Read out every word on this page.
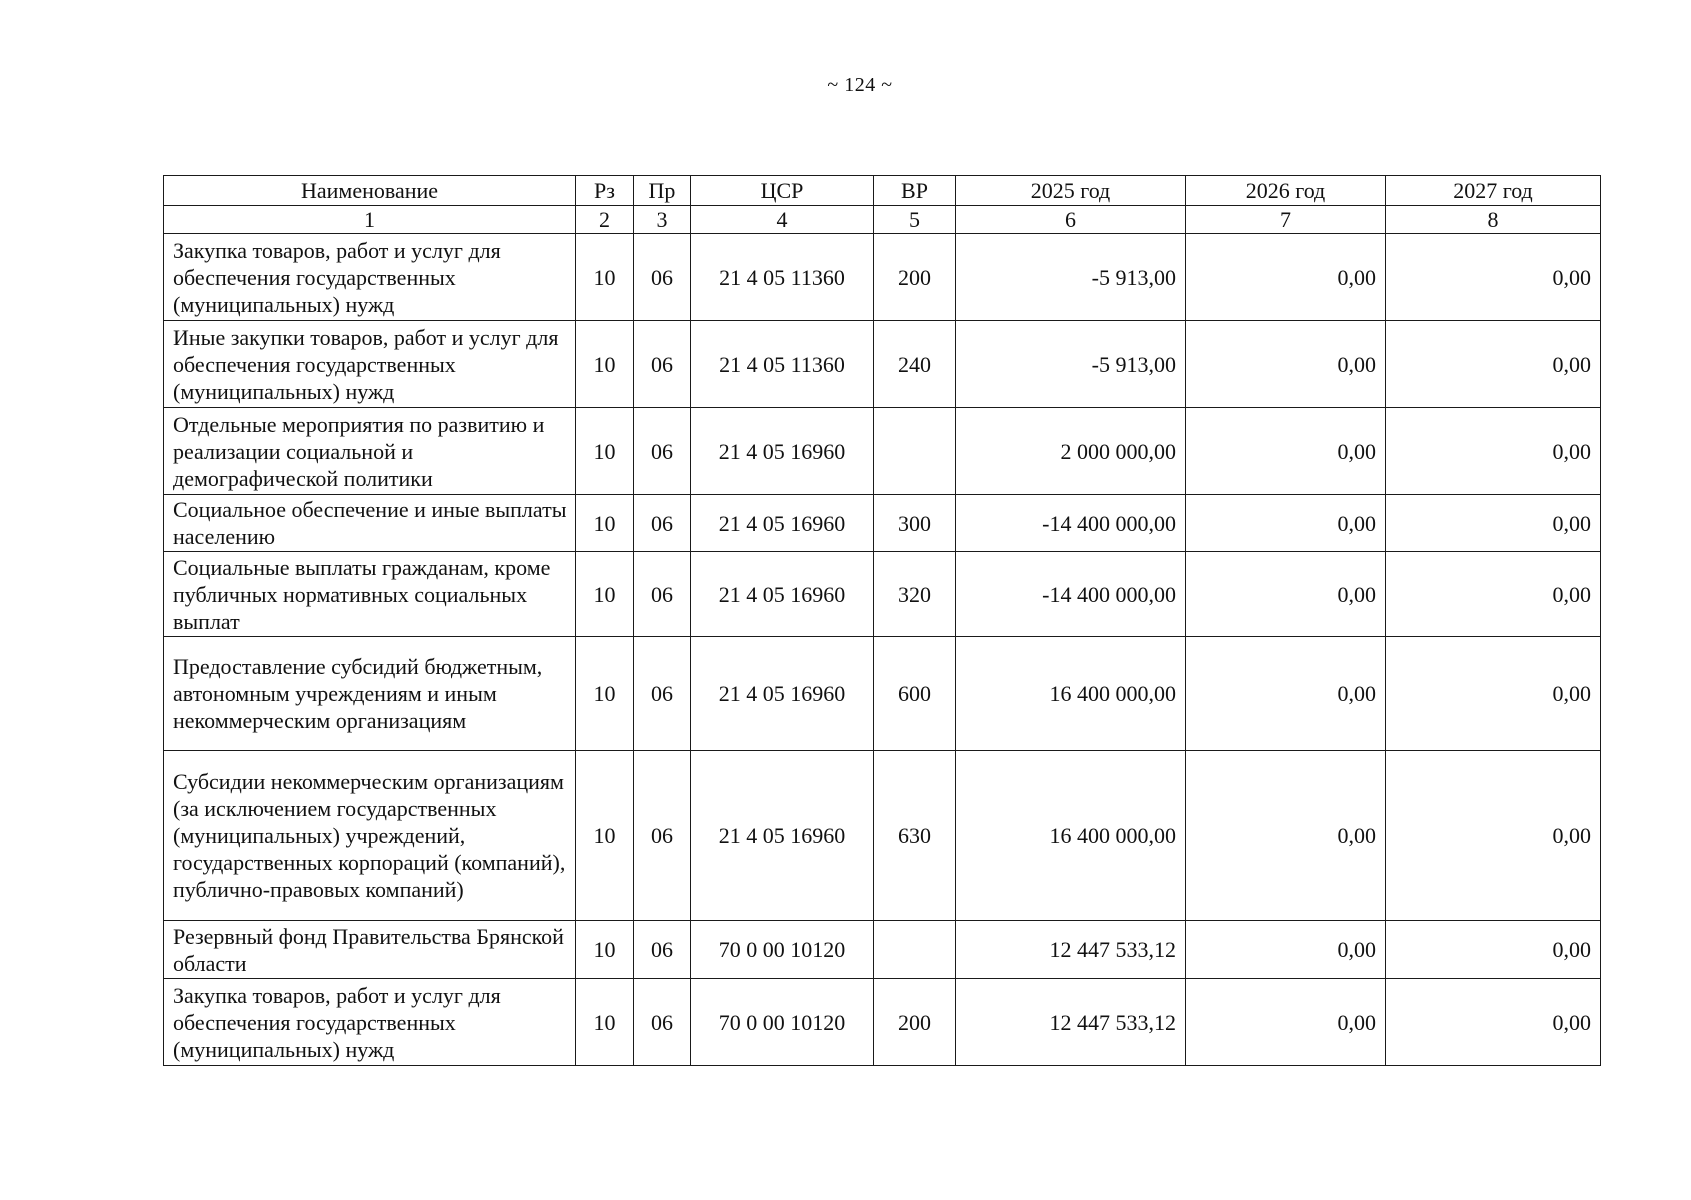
~ 124 ~
Наименование	Рз	Пр	ЦСР	ВР	2025 год	2026 год	2027 год
1	2	3	4	5	6	7	8
Закупка товаров, работ и услуг для обеспечения государственных (муниципальных) нужд	10	06	21 4 05 11360	200	-5 913,00	0,00	0,00
Иные закупки товаров, работ и услуг для обеспечения государственных (муниципальных) нужд	10	06	21 4 05 11360	240	-5 913,00	0,00	0,00
Отдельные мероприятия по развитию и реализации социальной и демографической политики	10	06	21 4 05 16960		2 000 000,00	0,00	0,00
Социальное обеспечение и иные выплаты населению	10	06	21 4 05 16960	300	-14 400 000,00	0,00	0,00
Социальные выплаты гражданам, кроме публичных нормативных социальных выплат	10	06	21 4 05 16960	320	-14 400 000,00	0,00	0,00
Предоставление субсидий бюджетным, автономным учреждениям и иным некоммерческим организациям	10	06	21 4 05 16960	600	16 400 000,00	0,00	0,00
Субсидии некоммерческим организациям (за исключением государственных (муниципальных) учреждений, государственных корпораций (компаний), публично-правовых компаний)	10	06	21 4 05 16960	630	16 400 000,00	0,00	0,00
Резервный фонд Правительства Брянской области	10	06	70 0 00 10120		12 447 533,12	0,00	0,00
Закупка товаров, работ и услуг для обеспечения государственных (муниципальных) нужд	10	06	70 0 00 10120	200	12 447 533,12	0,00	0,00
